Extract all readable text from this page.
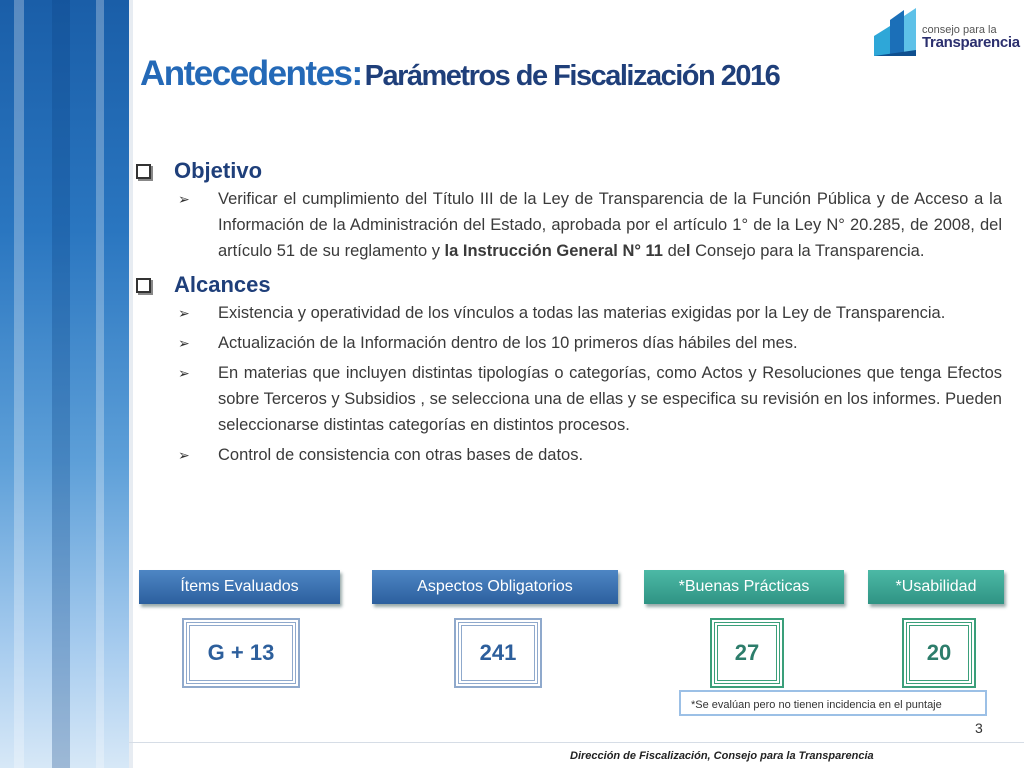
consejo para la
Transparencia
Antecedentes: Parámetros de Fiscalización 2016
Objetivo
➢ Verificar el cumplimiento del Título III de la Ley de Transparencia de la Función Pública y de Acceso a la Información de la Administración del Estado, aprobada por el artículo 1° de la Ley N° 20.285, de 2008, del artículo 51 de su reglamento y la Instrucción General N° 11 del Consejo para la Transparencia.
Alcances
➢ Existencia y operatividad de los vínculos a todas las materias exigidas por la Ley de Transparencia.
➢ Actualización de la Información dentro de los 10 primeros días hábiles del mes.
➢ En materias que incluyen distintas tipologías o categorías, como Actos y Resoluciones que tenga Efectos sobre Terceros y Subsidios , se selecciona una de ellas y se especifica su revisión en los informes. Pueden seleccionarse distintas categorías en distintos procesos.
➢ Control de consistencia con otras bases de datos.
Ítems Evaluados	Aspectos Obligatorios	*Buenas Prácticas	*Usabilidad
G + 13	241	27	20
*Se evalúan pero no tienen incidencia en el puntaje
3
Dirección de Fiscalización, Consejo para la Transparencia
